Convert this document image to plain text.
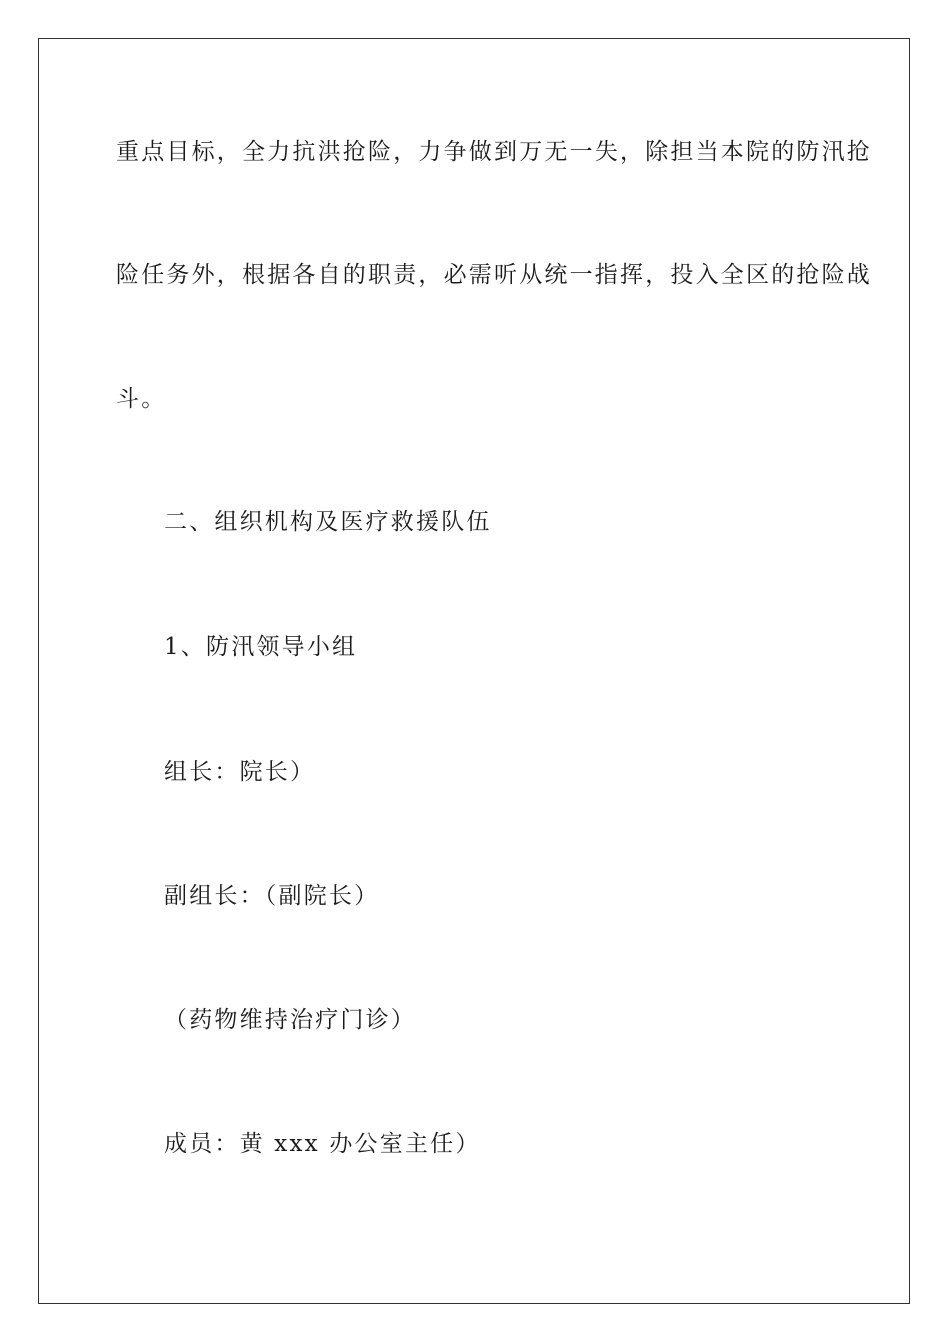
重点目标，全力抗洪抢险，力争做到万无一失，除担当本院的防汛抢
险任务外，根据各自的职责，必需听从统一指挥，投入全区的抢险战
斗。
二、组织机构及医疗救援队伍
1、防汛领导小组
组长：院长）
副组长：（副院长）
（药物维持治疗门诊）
成员：黄 xxx 办公室主任）
